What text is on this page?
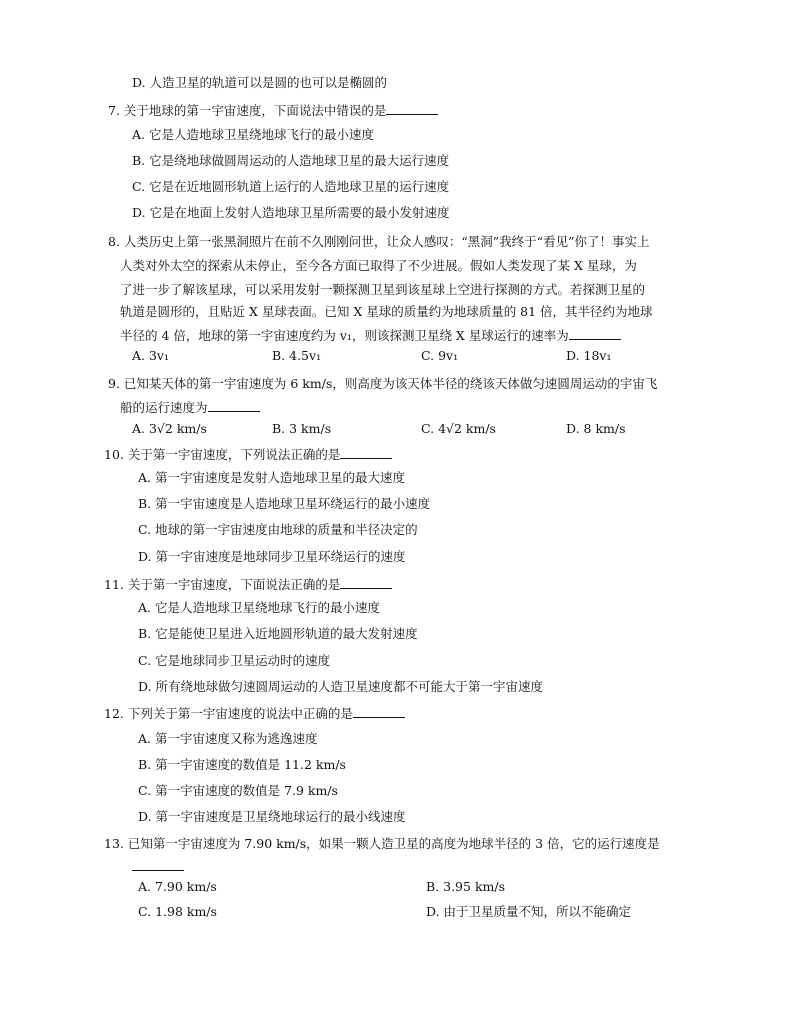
D. 人造卫星的轨道可以是圆的也可以是椭圆的
7. 关于地球的第一宇宙速度，下面说法中错误的是
A. 它是人造地球卫星绕地球飞行的最小速度
B. 它是绕地球做圆周运动的人造地球卫星的最大运行速度
C. 它是在近地圆形轨道上运行的人造地球卫星的运行速度
D. 它是在地面上发射人造地球卫星所需要的最小发射速度
8. 人类历史上第一张黑洞照片在前不久刚刚问世，让众人感叹：“黑洞”我终于“看见”你了！事实上
人类对外太空的探索从未停止，至今各方面已取得了不少进展。假如人类发现了某 X 星球，为
了进一步了解该星球，可以采用发射一颗探测卫星到该星球上空进行探测的方式。若探测卫星的
轨道是圆形的，且贴近 X 星球表面。已知 X 星球的质量约为地球质量的 81 倍，其半径约为地球
半径的 4 倍，地球的第一宇宙速度约为 v₁，则该探测卫星绕 X 星球运行的速率为
A. 3v₁	B. 4.5v₁	C. 9v₁	D. 18v₁
9. 已知某天体的第一宇宙速度为 6 km/s，则高度为该天体半径的绕该天体做匀速圆周运动的宇宙飞
船的运行速度为
A. 3√2 km/s	B. 3 km/s	C. 4√2 km/s	D. 8 km/s
10. 关于第一宇宙速度，下列说法正确的是
A. 第一宇宙速度是发射人造地球卫星的最大速度
B. 第一宇宙速度是人造地球卫星环绕运行的最小速度
C. 地球的第一宇宙速度由地球的质量和半径决定的
D. 第一宇宙速度是地球同步卫星环绕运行的速度
11. 关于第一宇宙速度，下面说法正确的是
A. 它是人造地球卫星绕地球飞行的最小速度
B. 它是能使卫星进入近地圆形轨道的最大发射速度
C. 它是地球同步卫星运动时的速度
D. 所有绕地球做匀速圆周运动的人造卫星速度都不可能大于第一宇宙速度
12. 下列关于第一宇宙速度的说法中正确的是
A. 第一宇宙速度又称为逃逸速度
B. 第一宇宙速度的数值是 11.2 km/s
C. 第一宇宙速度的数值是 7.9 km/s
D. 第一宇宙速度是卫星绕地球运行的最小线速度
13. 已知第一宇宙速度为 7.90 km/s，如果一颗人造卫星的高度为地球半径的 3 倍，它的运行速度是
A. 7.90 km/s	B. 3.95 km/s
C. 1.98 km/s	D. 由于卫星质量不知，所以不能确定
